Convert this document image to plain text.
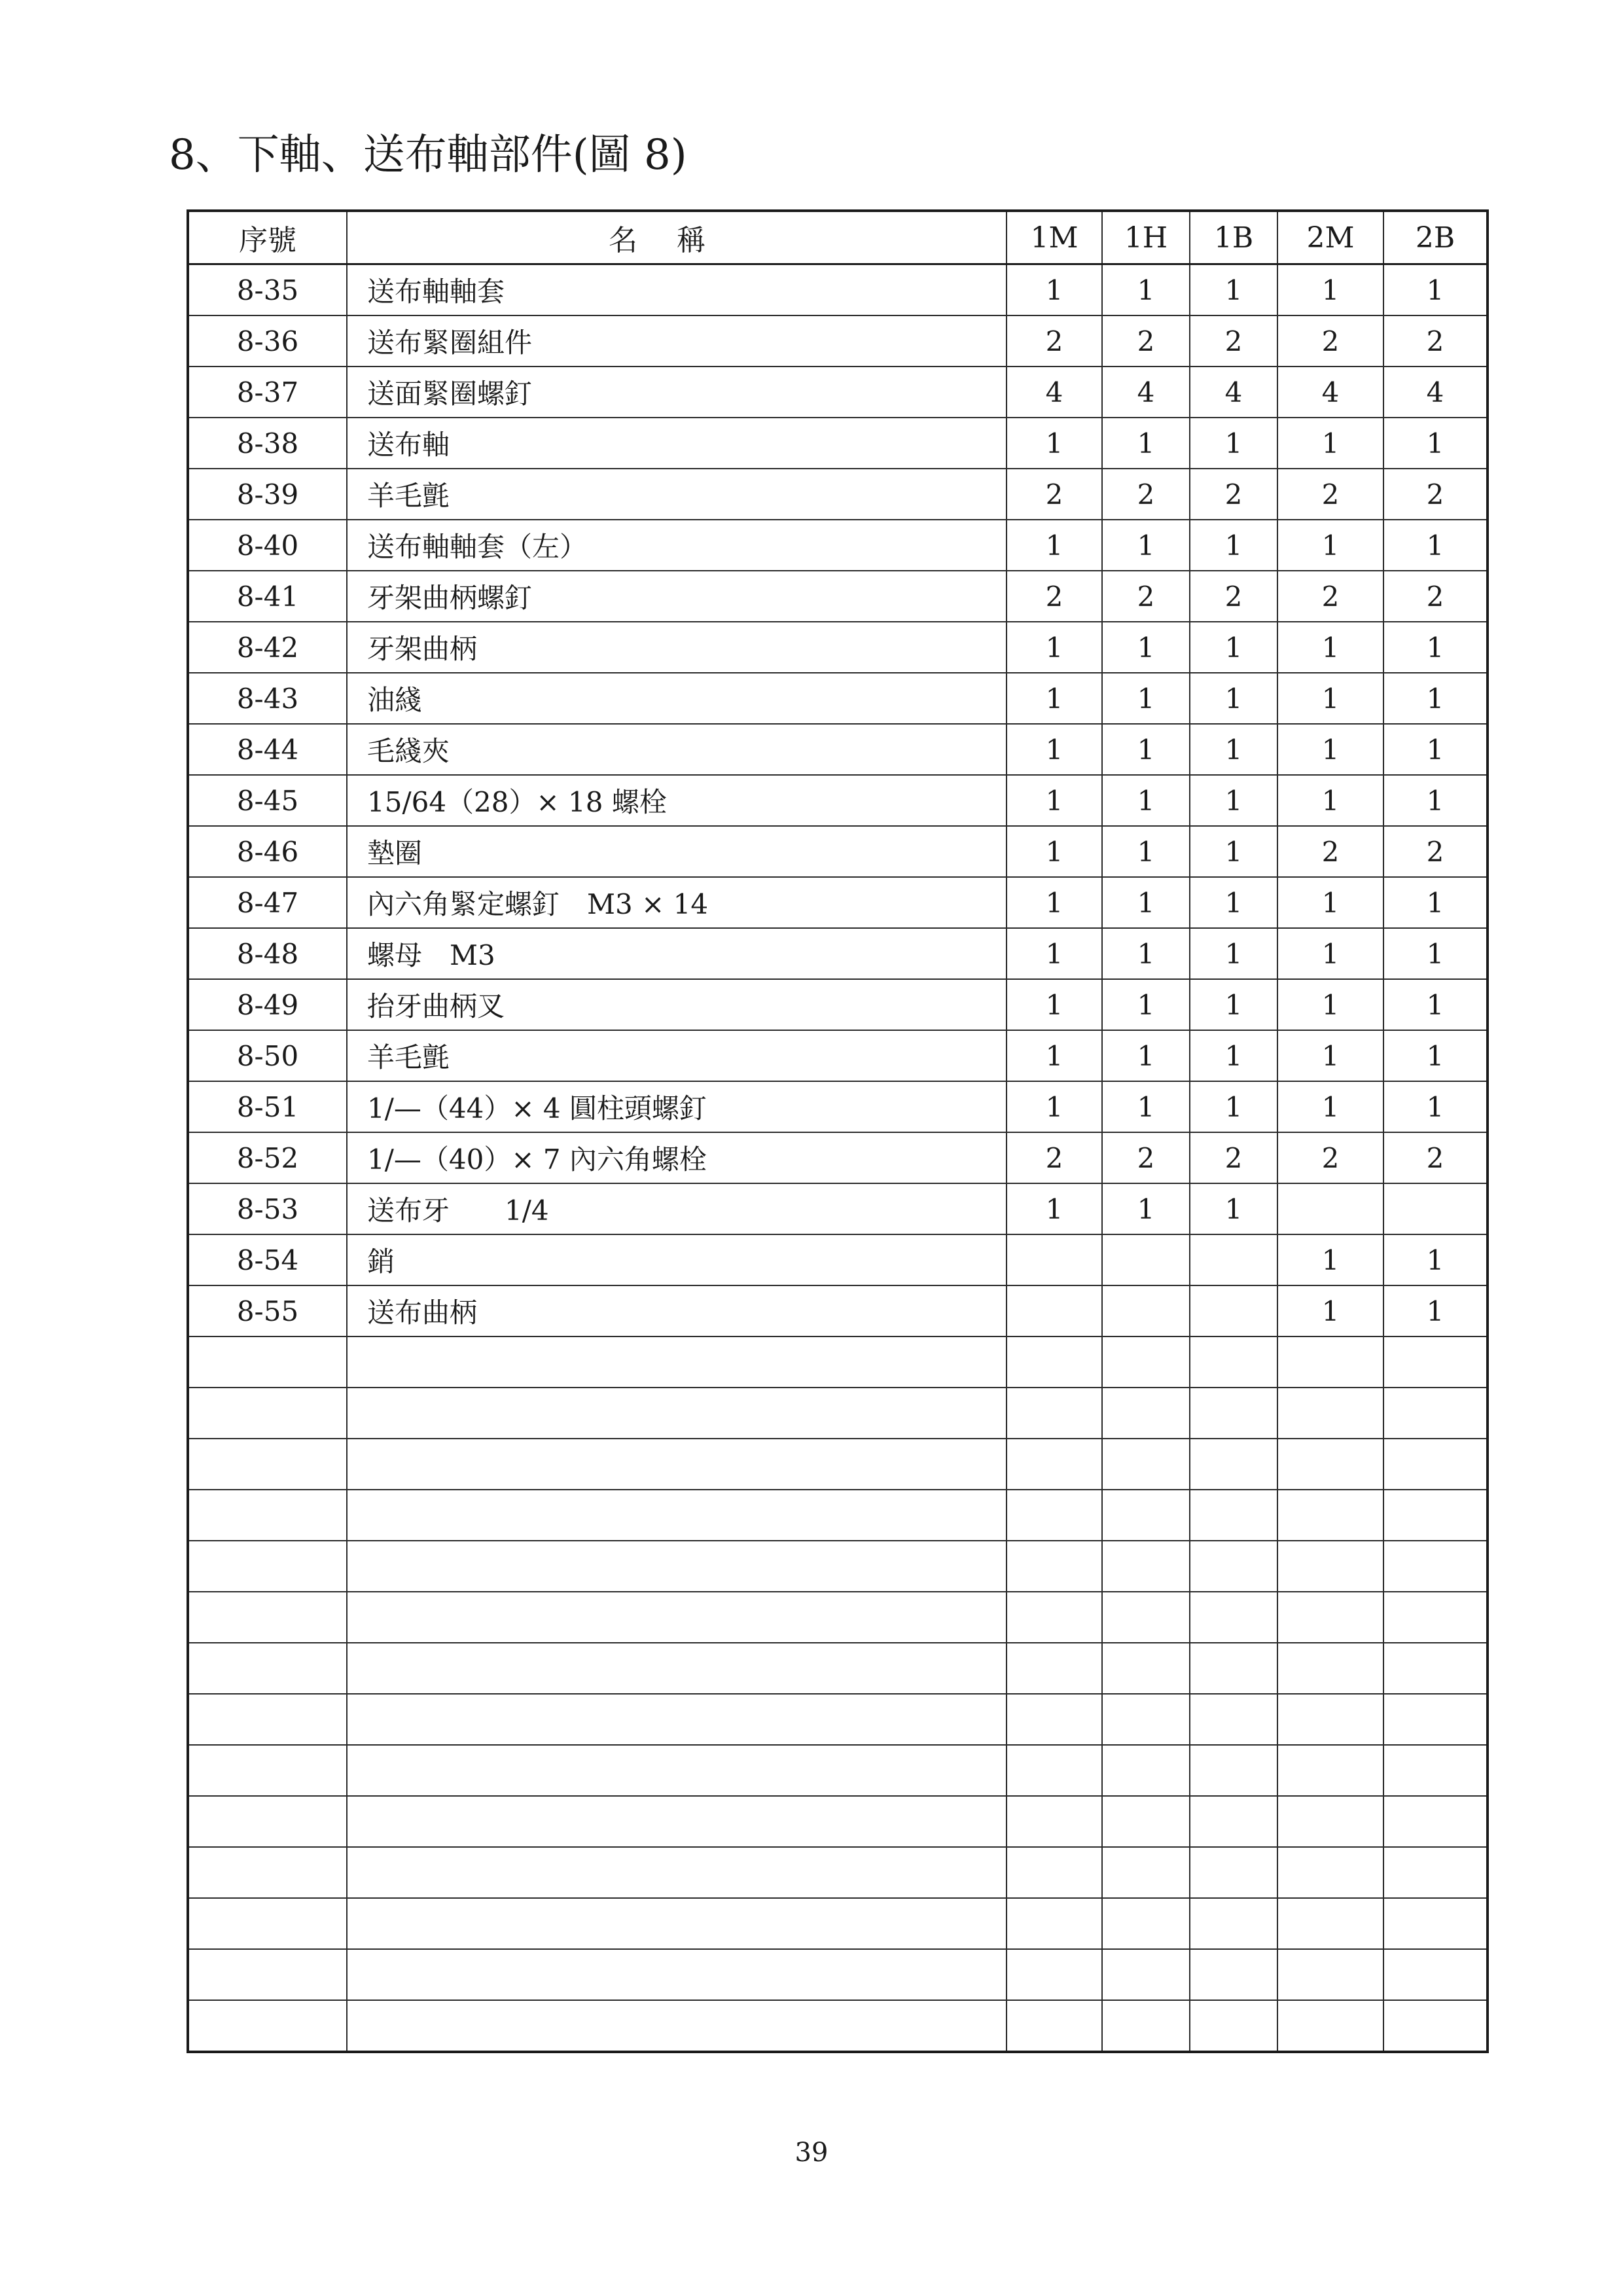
8、下軸、送布軸部件(圖 8)
序號	名稱	1M	1H	1B	2M	2B
8-35	送布軸軸套	1	1	1	1	1
8-36	送布緊圈組件	2	2	2	2	2
8-37	送面緊圈螺釘	4	4	4	4	4
8-38	送布軸	1	1	1	1	1
8-39	羊毛氈	2	2	2	2	2
8-40	送布軸軸套（左）	1	1	1	1	1
8-41	牙架曲柄螺釘	2	2	2	2	2
8-42	牙架曲柄	1	1	1	1	1
8-43	油綫	1	1	1	1	1
8-44	毛綫夾	1	1	1	1	1
8-45	15/64（28）× 18 螺栓	1	1	1	1	1
8-46	墊圈	1	1	1	2	2
8-47	內六角緊定螺釘　M3 × 14	1	1	1	1	1
8-48	螺母　M3	1	1	1	1	1
8-49	抬牙曲柄叉	1	1	1	1	1
8-50	羊毛氈	1	1	1	1	1
8-51	1/—（44）× 4 圓柱頭螺釘	1	1	1	1	1
8-52	1/—（40）× 7 內六角螺栓	2	2	2	2	2
8-53	送布牙　　1/4	1	1	1		
8-54	銷				1	1
8-55	送布曲柄				1	1

39
